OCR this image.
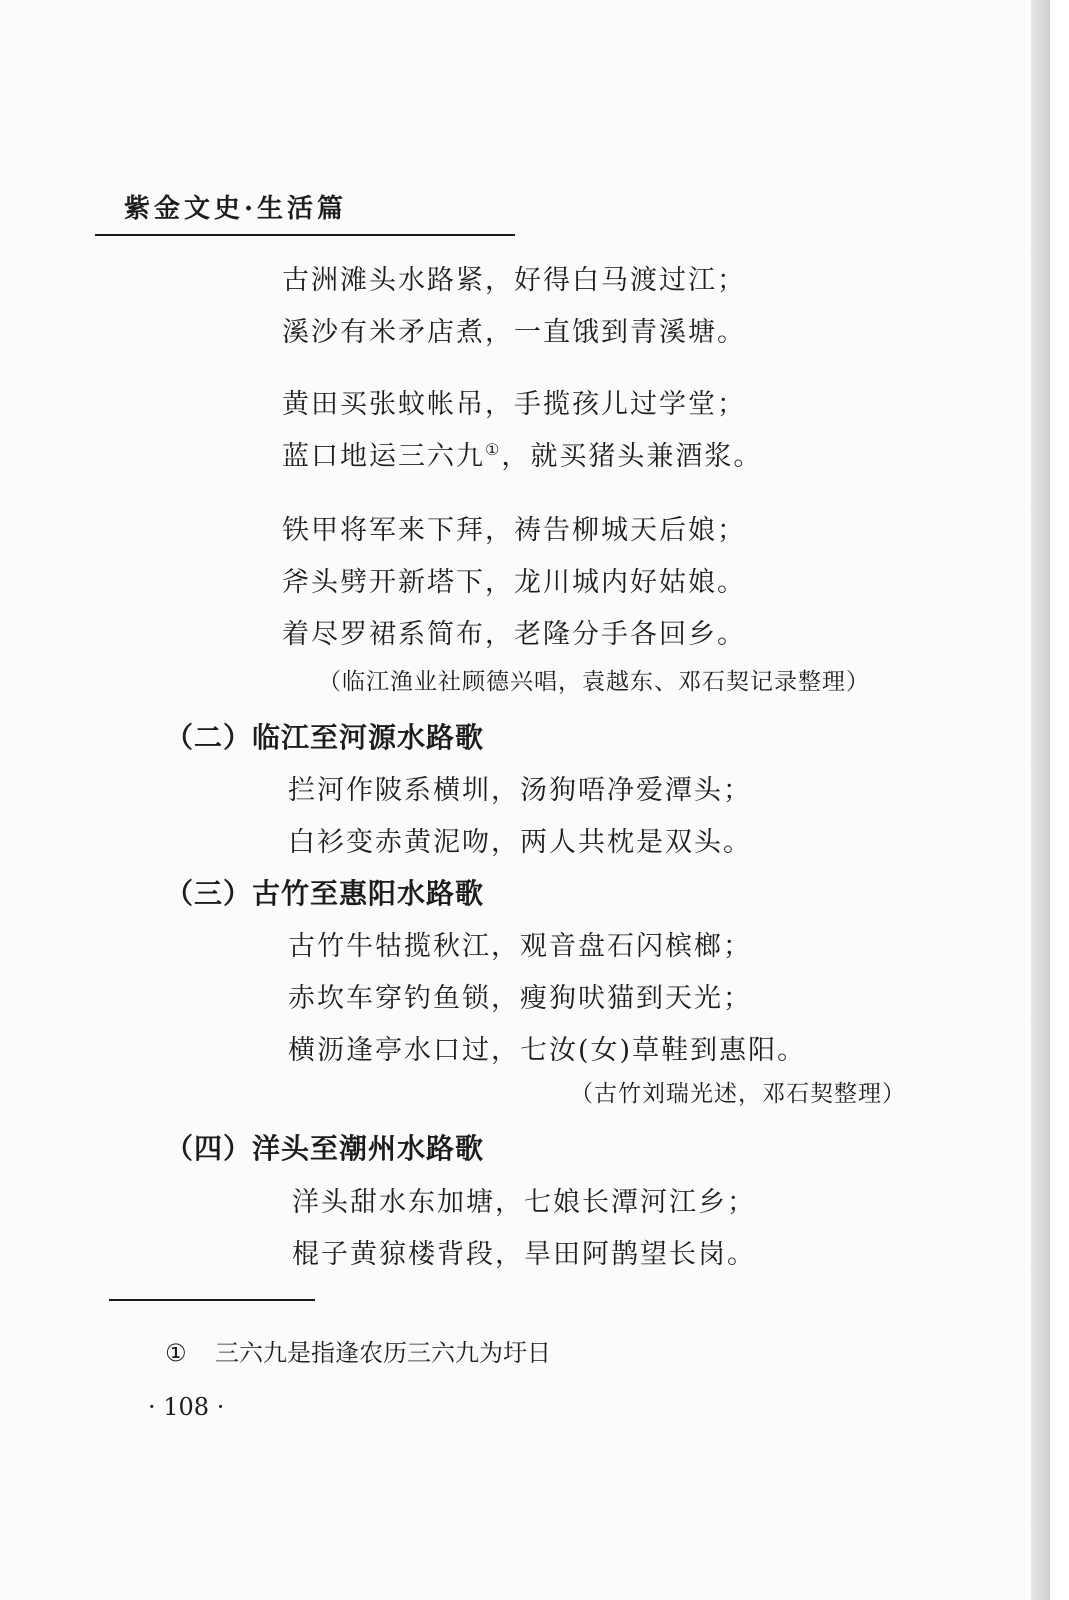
紫金文史·生活篇
古洲滩头水路紧，好得白马渡过江；
溪沙有米矛店煮，一直饿到青溪塘。
黄田买张蚊帐吊，手揽孩儿过学堂；
蓝口地运三六九①，就买猪头兼酒浆。
铁甲将军来下拜，祷告柳城天后娘；
斧头劈开新塔下，龙川城内好姑娘。
着尽罗裙系简布，老隆分手各回乡。
（临江渔业社顾德兴唱，袁越东、邓石契记录整理）
（二）临江至河源水路歌
拦河作陂系横圳，汤狗唔净爱潭头；
白衫变赤黄泥吻，两人共枕是双头。
（三）古竹至惠阳水路歌
古竹牛牯揽秋江，观音盘石闪槟榔；
赤坎车穿钓鱼锁，瘦狗吠猫到天光；
横沥逢亭水口过，七汝(女)草鞋到惠阳。
（古竹刘瑞光述，邓石契整理）
（四）洋头至潮州水路歌
洋头甜水东加塘，七娘长潭河江乡；
棍子黄猄楼背段，旱田阿鹊望长岗。
① 三六九是指逢农历三六九为圩日
· 108 ·
